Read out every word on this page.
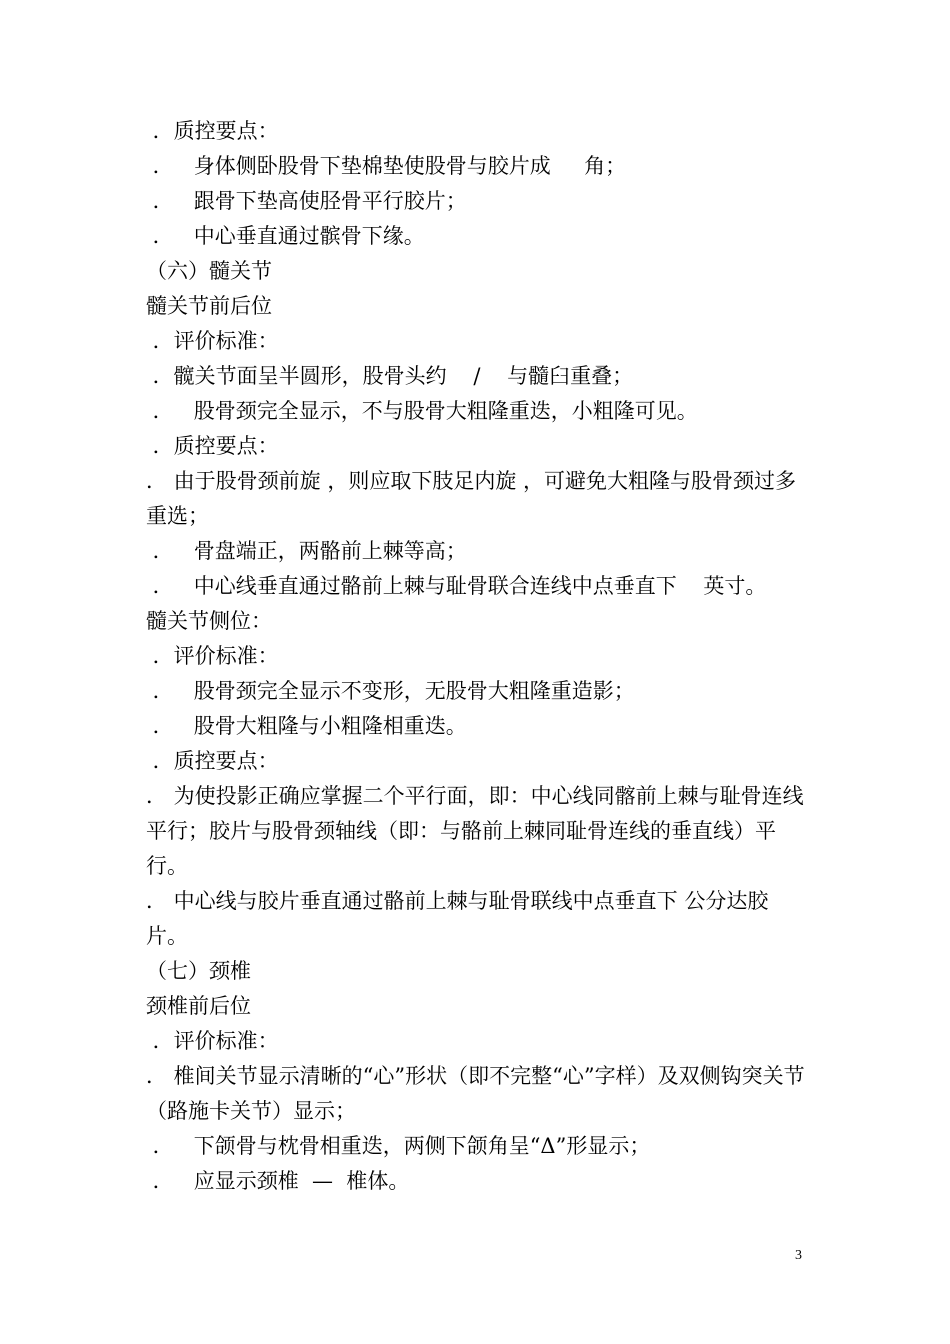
．质控要点：
．   身体侧卧股骨下垫棉垫使股骨与胶片成     角；
．   跟骨下垫高使胫骨平行胶片；
．   中心垂直通过髌骨下缘。
（六）髓关节
髓关节前后位
．评价标准：
．髋关节面呈半圆形，股骨头约    /    与髓臼重叠；
．   股骨颈完全显示，不与股骨大粗隆重迭，小粗隆可见。
．质控要点：
． 由于股骨颈前旋 ，则应取下肢足内旋 ，可避免大粗隆与股骨颈过多重选；
．   骨盘端正，两骼前上棘等高；
．   中心线垂直通过骼前上棘与耻骨联合连线中点垂直下    英寸。
髓关节侧位：
．评价标准：
．   股骨颈完全显示不变形，无股骨大粗隆重造影；
．   股骨大粗隆与小粗隆相重迭。
．质控要点：
． 为使投影正确应掌握二个平行面，即：中心线同髂前上棘与耻骨连线平行；胶片与股骨颈轴线（即：与骼前上棘同耻骨连线的垂直线）平行。
． 中心线与胶片垂直通过骼前上棘与耻骨联线中点垂直下 公分达胶片。
（七）颈椎
颈椎前后位
．评价标准：
． 椎间关节显示清晰的“心”形状（即不完整“心”字样）及双侧钩突关节（路施卡关节）显示；
．   下颌骨与枕骨相重迭，两侧下颌角呈“Δ”形显示；
．   应显示颈椎  —  椎体。
3
